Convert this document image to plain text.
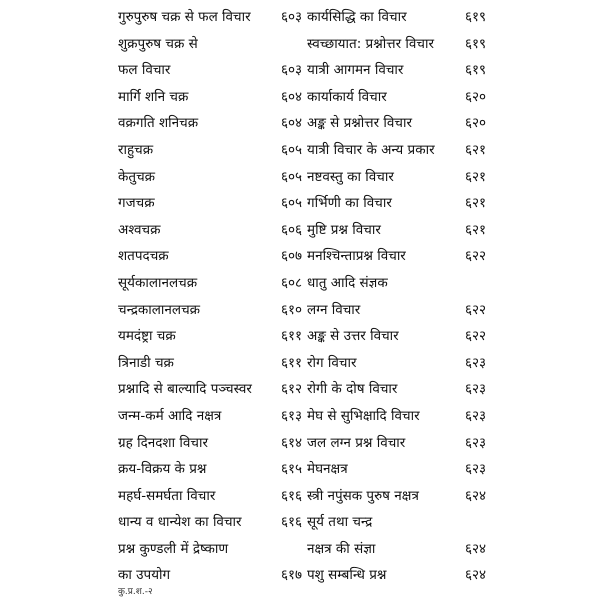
गुरुपुरुष चक्र से फल विचार ६०३
शुक्रपुरुष चक्र से
फल विचार	६०३
मार्गि शनि चक्र	६०४
वक्रगति शनिचक्र	६०४
राहुचक्र	६०५
केतुचक्र	६०५
गजचक्र	६०५
अश्वचक्र	६०६
शतपदचक्र	६०७
सूर्यकालानलचक्र	६०८
चन्द्रकालानलचक्र	६१०
यमदंष्ट्रा चक्र	६११
त्रिनाडी चक्र	६११
प्रश्नादि से बाल्यादि पञ्चस्वर ६१२
जन्म-कर्म आदि नक्षत्र	६१३
ग्रह दिनदशा विचार	६१४
क्रय-विक्रय के प्रश्न	६१५
महर्घ-समर्घता विचार	६१६
धान्य व धान्येश का विचार	६१६
प्रश्न कुण्डली में द्रेष्काण
का उपयोग	६१७
कार्यसिद्धि का विचार	६१९
स्वच्छायात: प्रश्नोत्तर विचार ६१९
यात्री आगमन विचार	६१९
कार्याकार्य विचार	६२०
अङ्क से प्रश्नोत्तर विचार	६२०
यात्री विचार के अन्य प्रकार ६२१
नष्टवस्तु का विचार	६२१
गर्भिणी का विचार	६२१
मुष्टि प्रश्न विचार	६२१
मनश्चिन्ताप्रश्न विचार	६२२
धातु आदि संज्ञक
लग्न विचार	६२२
अङ्क से उत्तर विचार	६२२
रोग विचार	६२३
रोगी के दोष विचार	६२३
मेघ से सुभिक्षादि विचार	६२३
जल लग्न प्रश्न विचार	६२३
मेघनक्षत्र	६२३
स्त्री नपुंसक पुरुष नक्षत्र	६२४
सूर्य तथा चन्द्र
नक्षत्र की संज्ञा	६२४
पशु सम्बन्धि प्रश्न	६२४
कु.प्र.श.-२
